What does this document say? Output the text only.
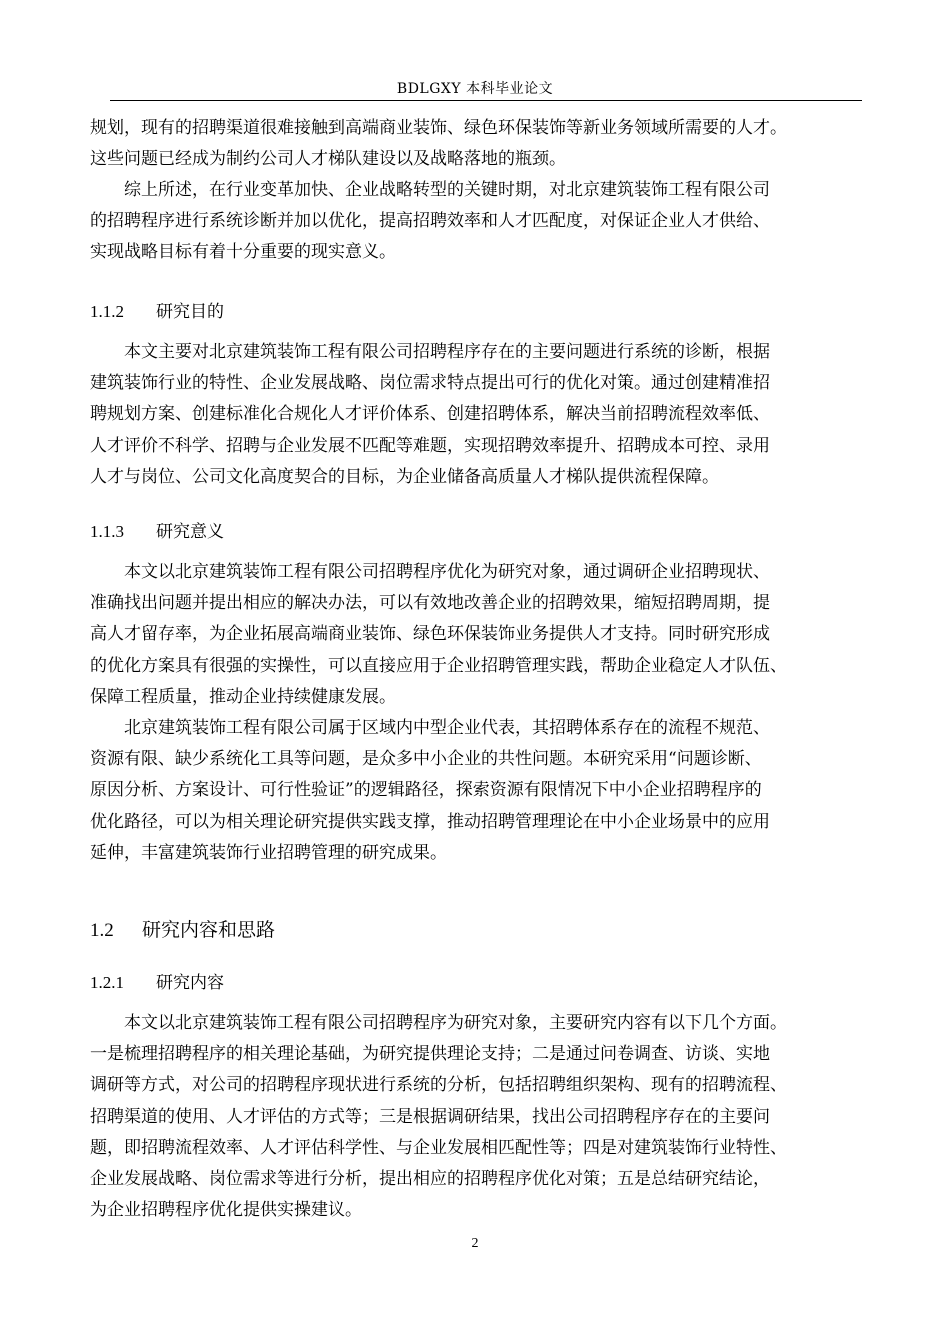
BDLGXY 本科毕业论文
规划，现有的招聘渠道很难接触到高端商业装饰、绿色环保装饰等新业务领域所需要的人才。
这些问题已经成为制约公司人才梯队建设以及战略落地的瓶颈。
综上所述，在行业变革加快、企业战略转型的关键时期，对北京建筑装饰工程有限公司
的招聘程序进行系统诊断并加以优化，提高招聘效率和人才匹配度，对保证企业人才供给、
实现战略目标有着十分重要的现实意义。
1.1.2 研究目的
本文主要对北京建筑装饰工程有限公司招聘程序存在的主要问题进行系统的诊断，根据
建筑装饰行业的特性、企业发展战略、岗位需求特点提出可行的优化对策。通过创建精准招
聘规划方案、创建标准化合规化人才评价体系、创建招聘体系，解决当前招聘流程效率低、
人才评价不科学、招聘与企业发展不匹配等难题，实现招聘效率提升、招聘成本可控、录用
人才与岗位、公司文化高度契合的目标，为企业储备高质量人才梯队提供流程保障。
1.1.3 研究意义
本文以北京建筑装饰工程有限公司招聘程序优化为研究对象，通过调研企业招聘现状、
准确找出问题并提出相应的解决办法，可以有效地改善企业的招聘效果，缩短招聘周期，提
高人才留存率，为企业拓展高端商业装饰、绿色环保装饰业务提供人才支持。同时研究形成
的优化方案具有很强的实操性，可以直接应用于企业招聘管理实践，帮助企业稳定人才队伍、
保障工程质量，推动企业持续健康发展。
北京建筑装饰工程有限公司属于区域内中型企业代表，其招聘体系存在的流程不规范、
资源有限、缺少系统化工具等问题，是众多中小企业的共性问题。本研究采用“问题诊断、
原因分析、方案设计、可行性验证”的逻辑路径，探索资源有限情况下中小企业招聘程序的
优化路径，可以为相关理论研究提供实践支撑，推动招聘管理理论在中小企业场景中的应用
延伸，丰富建筑装饰行业招聘管理的研究成果。
1.2 研究内容和思路
1.2.1 研究内容
本文以北京建筑装饰工程有限公司招聘程序为研究对象，主要研究内容有以下几个方面。
一是梳理招聘程序的相关理论基础，为研究提供理论支持；二是通过问卷调查、访谈、实地
调研等方式，对公司的招聘程序现状进行系统的分析，包括招聘组织架构、现有的招聘流程、
招聘渠道的使用、人才评估的方式等；三是根据调研结果，找出公司招聘程序存在的主要问
题，即招聘流程效率、人才评估科学性、与企业发展相匹配性等；四是对建筑装饰行业特性、
企业发展战略、岗位需求等进行分析，提出相应的招聘程序优化对策；五是总结研究结论，
为企业招聘程序优化提供实操建议。
2
